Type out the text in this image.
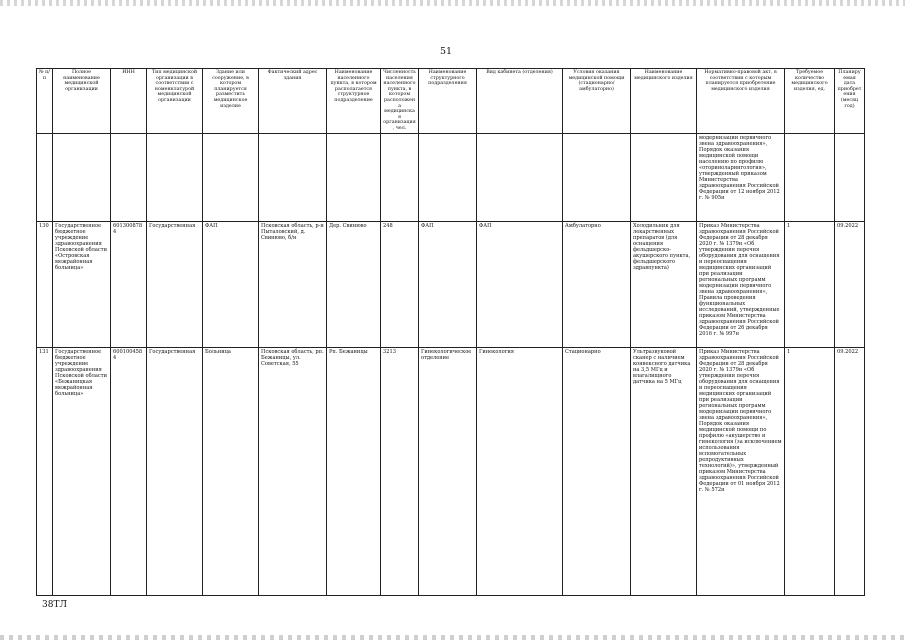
51
№ п/п	Полное наименование медицинской организации	ИНН	Тип медицинской организации в соответствии с номенклатурой медицинской организации	Здание или сооружение, в котором планируется разместить медицинское изделие	Фактический адрес здания	Наименование населенного пункта, в котором располагается структурное подразделение	Численность населения населенного пункта, в котором расположена медицинская организация, чел.	Наименование структурного подразделения	Вид кабинета (отделения)	Условия оказания медицинской помощи (стационарно/ амбулаторно)	Наименование медицинского изделия	Нормативно-правовой акт, в соответствии с которым планируется приобретение медицинского изделия	Требуемое количество медицинского изделия, ед.	Планируемая дата приобретения (месяц год)
												модернизации первичного звена здравоохранения», Порядок оказания медицинской помощи населению по профилю «оториноларингология», утвержденный приказом Министерства здравоохранения Российской Федерации от 12 ноября 2012 г. № 905н		
130	Государственное бюджетное учреждение здравоохранения Псковской области «Островская межрайонная больница»	6013008784	Государственная	ФАП	Псковская область, р-н Пыталовский, д. Свинюво, б/н	Дер. Свинюво	248	ФАП	ФАП	Амбулаторно	Холодильник для лекарственных препаратов (для оснащения фельдшерско-акушерского пункта, фельдшерского здравпункта)	Приказ Министерства здравоохранения Российской Федерации от 28 декабря 2020 г. № 1379н «Об утверждении перечня оборудования для оснащения и переоснащения медицинских организаций при реализации региональных программ модернизации первичного звена здравоохранения», Правила проведения функциональных исследований, утвержденные приказом Министерства здравоохранения Российской Федерации от 26 декабря 2016 г. № 997н	1	09.2022
131	Государственное бюджетное учреждение здравоохранения Псковской области «Бежаницкая межрайонная больница»	6001004584	Государственная	Больница	Псковская область, рп. Бежаницы, ул. Советская, 55	Рп. Бежаницы	3213	Гинекологическое отделение	Гинекология	Стационарно	Ультразвуковой сканер с наличием конвексного датчика на 3,5 МГц и влагалищного датчика на 5 МГц	Приказ Министерства здравоохранения Российской Федерации от 28 декабря 2020 г. № 1379н «Об утверждении перечня оборудования для оснащения и переоснащения медицинских организаций при реализации региональных программ модернизации первичного звена здравоохранения», Порядок оказания медицинской помощи по профилю «акушерство и гинекология (за исключением использования вспомогательных репродуктивных технологий)», утвержденный приказом Министерства здравоохранения Российской Федерации от 01 ноября 2012 г. № 572н	1	09.2022
38ТЛ
